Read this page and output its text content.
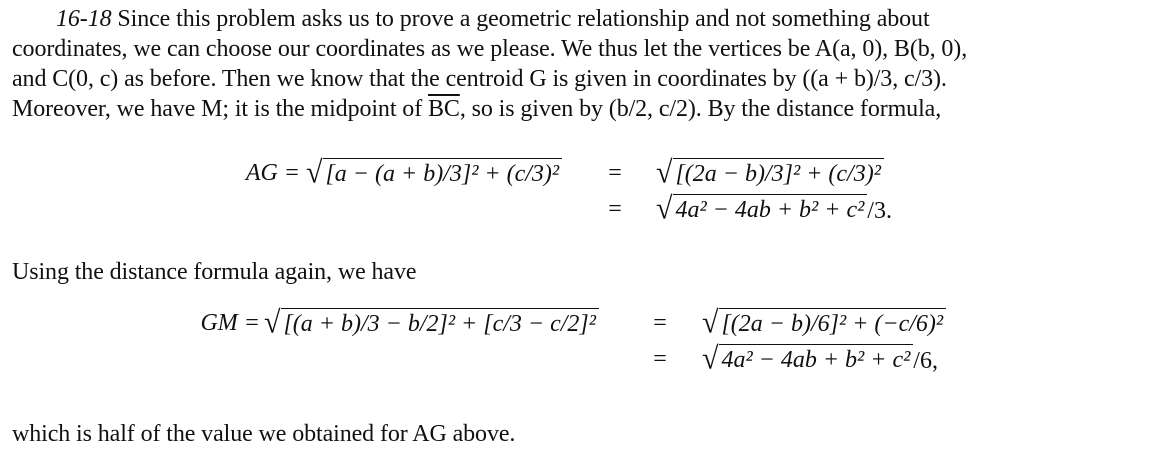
16-18 Since this problem asks us to prove a geometric relationship and not something about
coordinates, we can choose our coordinates as we please. We thus let the vertices be A(a, 0), B(b, 0),
and C(0, c) as before. Then we know that the centroid G is given in coordinates by ((a + b)/3, c/3).
Moreover, we have M; it is the midpoint of $\overline{BC}$, so is given by (b/2, c/2). By the distance formula,
AG = √ [a − (a + b)/3]² + (c/3)²	= √ [(2a − b)/3]² + (c/3)²
= √ 4a² − 4ab + b² + c² /3.
Using the distance formula again, we have
GM = √ [(a + b)/3 − b/2]² + [c/3 − c/2]²	= √ [(2a − b)/6]² + (−c/6)²
= √ 4a² − 4ab + b² + c² /6,
which is half of the value we obtained for AG above.
